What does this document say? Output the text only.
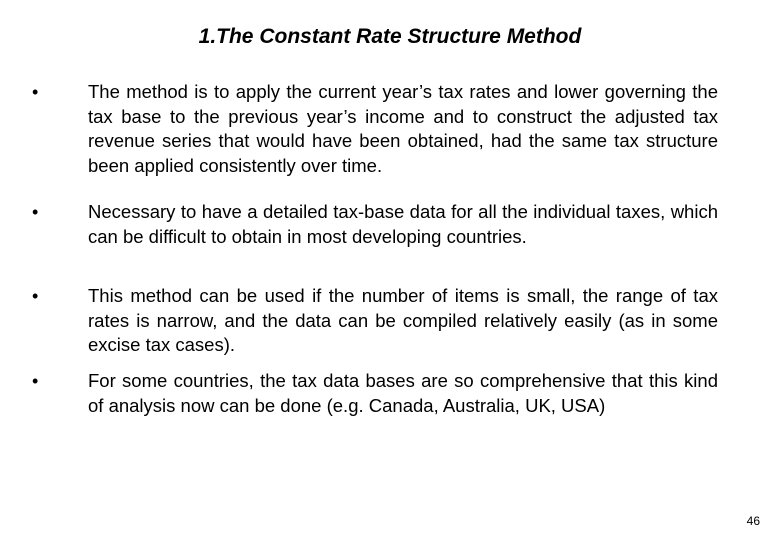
1.The Constant Rate Structure Method
•	The method is to apply the current year’s tax rates and lower governing the tax base to the previous year’s income and to construct the adjusted tax revenue series that would have been obtained, had the same tax structure been applied consistently over time.
•	Necessary to have a detailed tax-base data for all the individual taxes, which can be difficult to obtain in most developing countries.
•	This method can be used if the number of items is small, the range of tax rates is narrow, and the data can be compiled relatively easily (as in some excise tax cases).
•	For some countries, the tax data bases are so comprehensive that this kind of analysis now can be done (e.g. Canada, Australia, UK, USA)
46
